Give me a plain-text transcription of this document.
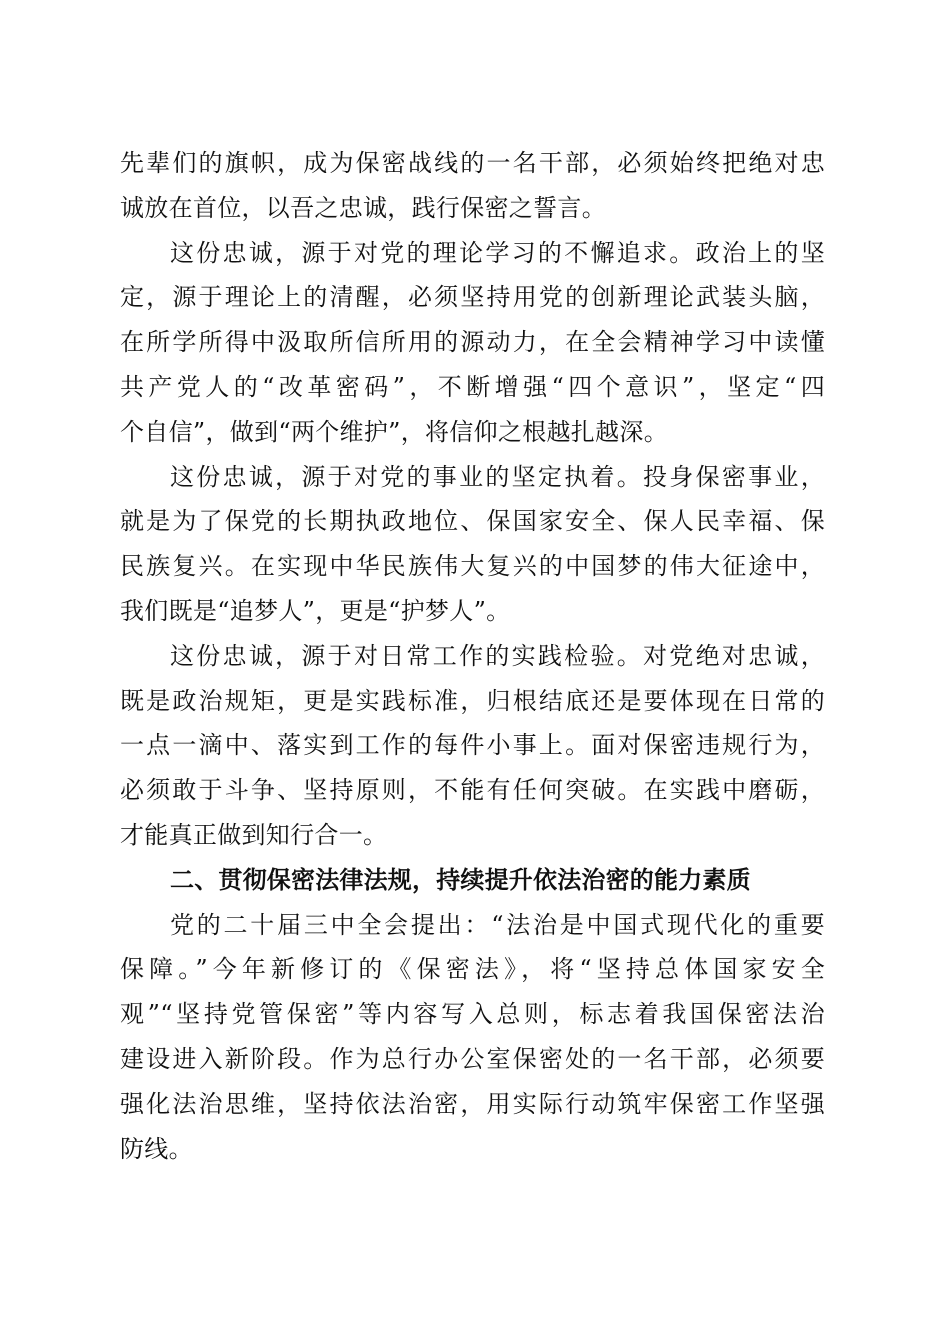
先辈们的旗帜，成为保密战线的一名干部，必须始终把绝对忠
诚放在首位，以吾之忠诚，践行保密之誓言。
这份忠诚，源于对党的理论学习的不懈追求。政治上的坚
定，源于理论上的清醒，必须坚持用党的创新理论武装头脑，
在所学所得中汲取所信所用的源动力，在全会精神学习中读懂
共产党人的“改革密码”，不断增强“四个意识”，坚定“四
个自信”，做到“两个维护”，将信仰之根越扎越深。
这份忠诚，源于对党的事业的坚定执着。投身保密事业，
就是为了保党的长期执政地位、保国家安全、保人民幸福、保
民族复兴。在实现中华民族伟大复兴的中国梦的伟大征途中，
我们既是“追梦人”，更是“护梦人”。
这份忠诚，源于对日常工作的实践检验。对党绝对忠诚，
既是政治规矩，更是实践标准，归根结底还是要体现在日常的
一点一滴中、落实到工作的每件小事上。面对保密违规行为，
必须敢于斗争、坚持原则，不能有任何突破。在实践中磨砺，
才能真正做到知行合一。
二、贯彻保密法律法规，持续提升依法治密的能力素质
党的二十届三中全会提出：“法治是中国式现代化的重要
保障。”今年新修订的《保密法》，将“坚持总体国家安全
观”“坚持党管保密”等内容写入总则，标志着我国保密法治
建设进入新阶段。作为总行办公室保密处的一名干部，必须要
强化法治思维，坚持依法治密，用实际行动筑牢保密工作坚强
防线。
